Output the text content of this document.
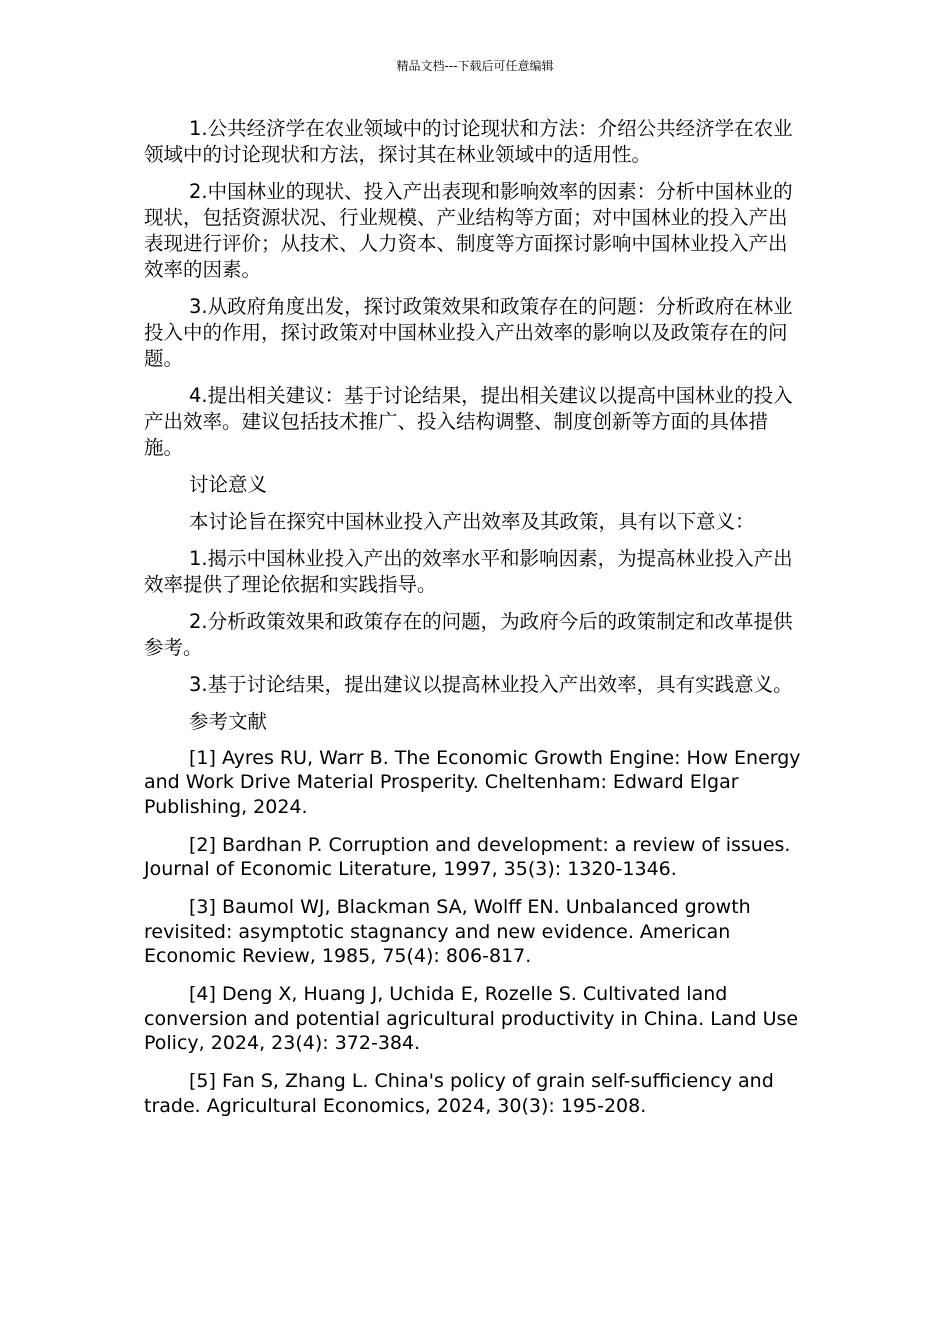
精品文档---下载后可任意编辑

1.公共经济学在农业领域中的讨论现状和方法：介绍公共经济学在农业领域中的讨论现状和方法，探讨其在林业领域中的适用性。

2.中国林业的现状、投入产出表现和影响效率的因素：分析中国林业的现状，包括资源状况、行业规模、产业结构等方面；对中国林业的投入产出表现进行评价；从技术、人力资本、制度等方面探讨影响中国林业投入产出效率的因素。

3.从政府角度出发，探讨政策效果和政策存在的问题：分析政府在林业投入中的作用，探讨政策对中国林业投入产出效率的影响以及政策存在的问题。

4.提出相关建议：基于讨论结果，提出相关建议以提高中国林业的投入产出效率。建议包括技术推广、投入结构调整、制度创新等方面的具体措施。

讨论意义

本讨论旨在探究中国林业投入产出效率及其政策，具有以下意义：

1.揭示中国林业投入产出的效率水平和影响因素，为提高林业投入产出效率提供了理论依据和实践指导。

2.分析政策效果和政策存在的问题，为政府今后的政策制定和改革提供参考。

3.基于讨论结果，提出建议以提高林业投入产出效率，具有实践意义。

参考文献

[1] Ayres RU, Warr B. The Economic Growth Engine: How Energy and Work Drive Material Prosperity. Cheltenham: Edward Elgar Publishing, 2024.

[2] Bardhan P. Corruption and development: a review of issues. Journal of Economic Literature, 1997, 35(3): 1320-1346.

[3] Baumol WJ, Blackman SA, Wolff EN. Unbalanced growth revisited: asymptotic stagnancy and new evidence. American Economic Review, 1985, 75(4): 806-817.

[4] Deng X, Huang J, Uchida E, Rozelle S. Cultivated land conversion and potential agricultural productivity in China. Land Use Policy, 2024, 23(4): 372-384.

[5] Fan S, Zhang L. China's policy of grain self-sufficiency and trade. Agricultural Economics, 2024, 30(3): 195-208.
